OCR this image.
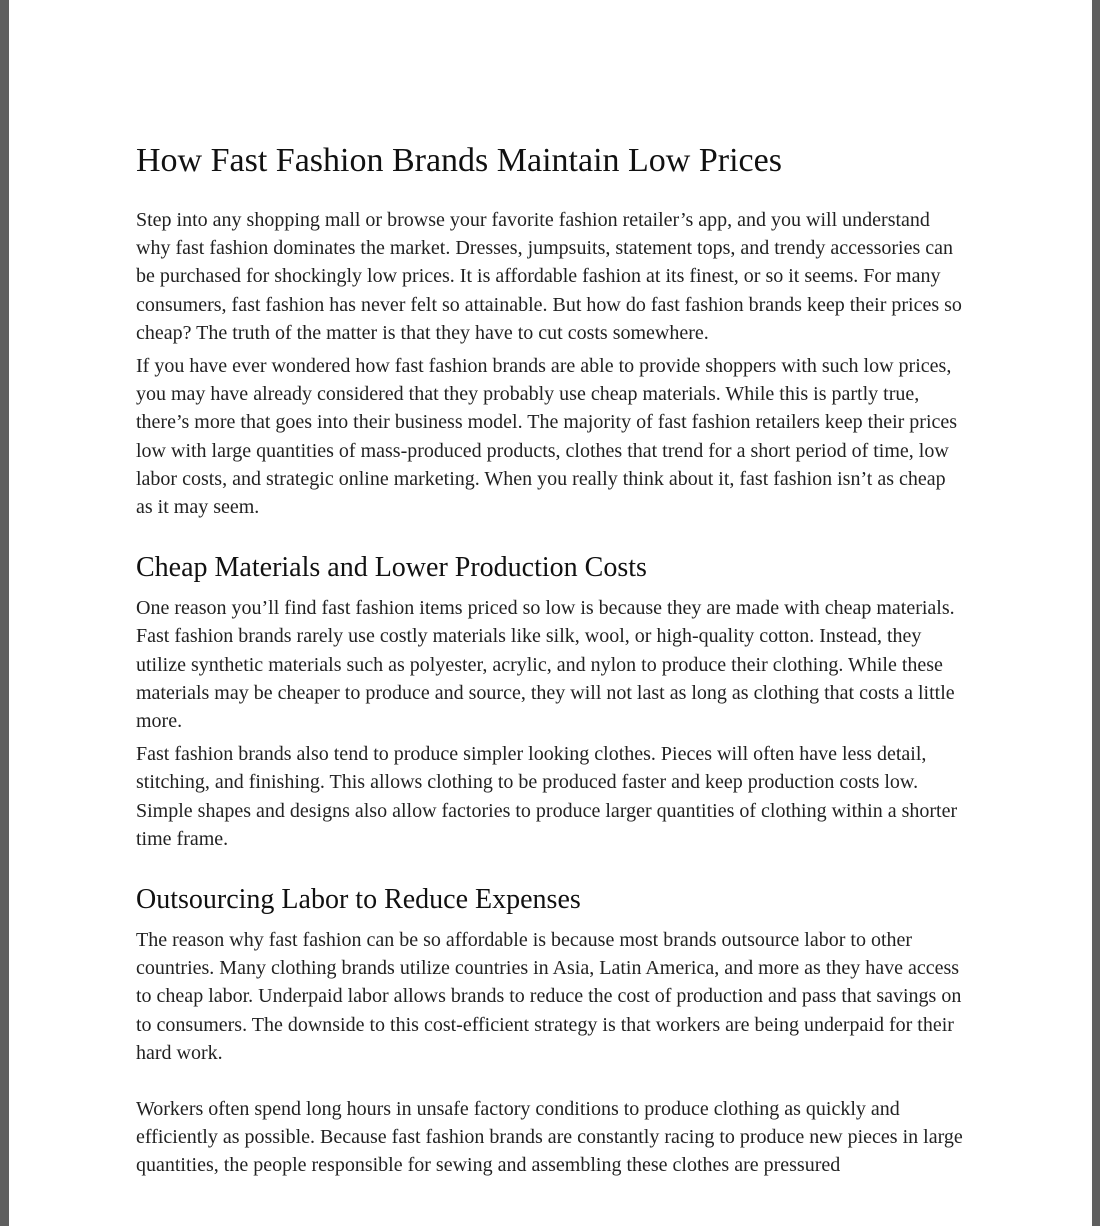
How Fast Fashion Brands Maintain Low Prices

Step into any shopping mall or browse your favorite fashion retailer’s app, and you will understand why fast fashion dominates the market. Dresses, jumpsuits, statement tops, and trendy accessories can be purchased for shockingly low prices. It is affordable fashion at its finest, or so it seems. For many consumers, fast fashion has never felt so attainable. But how do fast fashion brands keep their prices so cheap? The truth of the matter is that they have to cut costs somewhere.

If you have ever wondered how fast fashion brands are able to provide shoppers with such low prices, you may have already considered that they probably use cheap materials. While this is partly true, there’s more that goes into their business model. The majority of fast fashion retailers keep their prices low with large quantities of mass-produced products, clothes that trend for a short period of time, low labor costs, and strategic online marketing. When you really think about it, fast fashion isn’t as cheap as it may seem.

Cheap Materials and Lower Production Costs

One reason you’ll find fast fashion items priced so low is because they are made with cheap materials. Fast fashion brands rarely use costly materials like silk, wool, or high-quality cotton. Instead, they utilize synthetic materials such as polyester, acrylic, and nylon to produce their clothing. While these materials may be cheaper to produce and source, they will not last as long as clothing that costs a little more.

Fast fashion brands also tend to produce simpler looking clothes. Pieces will often have less detail, stitching, and finishing. This allows clothing to be produced faster and keep production costs low. Simple shapes and designs also allow factories to produce larger quantities of clothing within a shorter time frame.

Outsourcing Labor to Reduce Expenses

The reason why fast fashion can be so affordable is because most brands outsource labor to other countries. Many clothing brands utilize countries in Asia, Latin America, and more as they have access to cheap labor. Underpaid labor allows brands to reduce the cost of production and pass that savings on to consumers. The downside to this cost-efficient strategy is that workers are being underpaid for their hard work.

Workers often spend long hours in unsafe factory conditions to produce clothing as quickly and efficiently as possible. Because fast fashion brands are constantly racing to produce new pieces in large quantities, the people responsible for sewing and assembling these clothes are pressured
